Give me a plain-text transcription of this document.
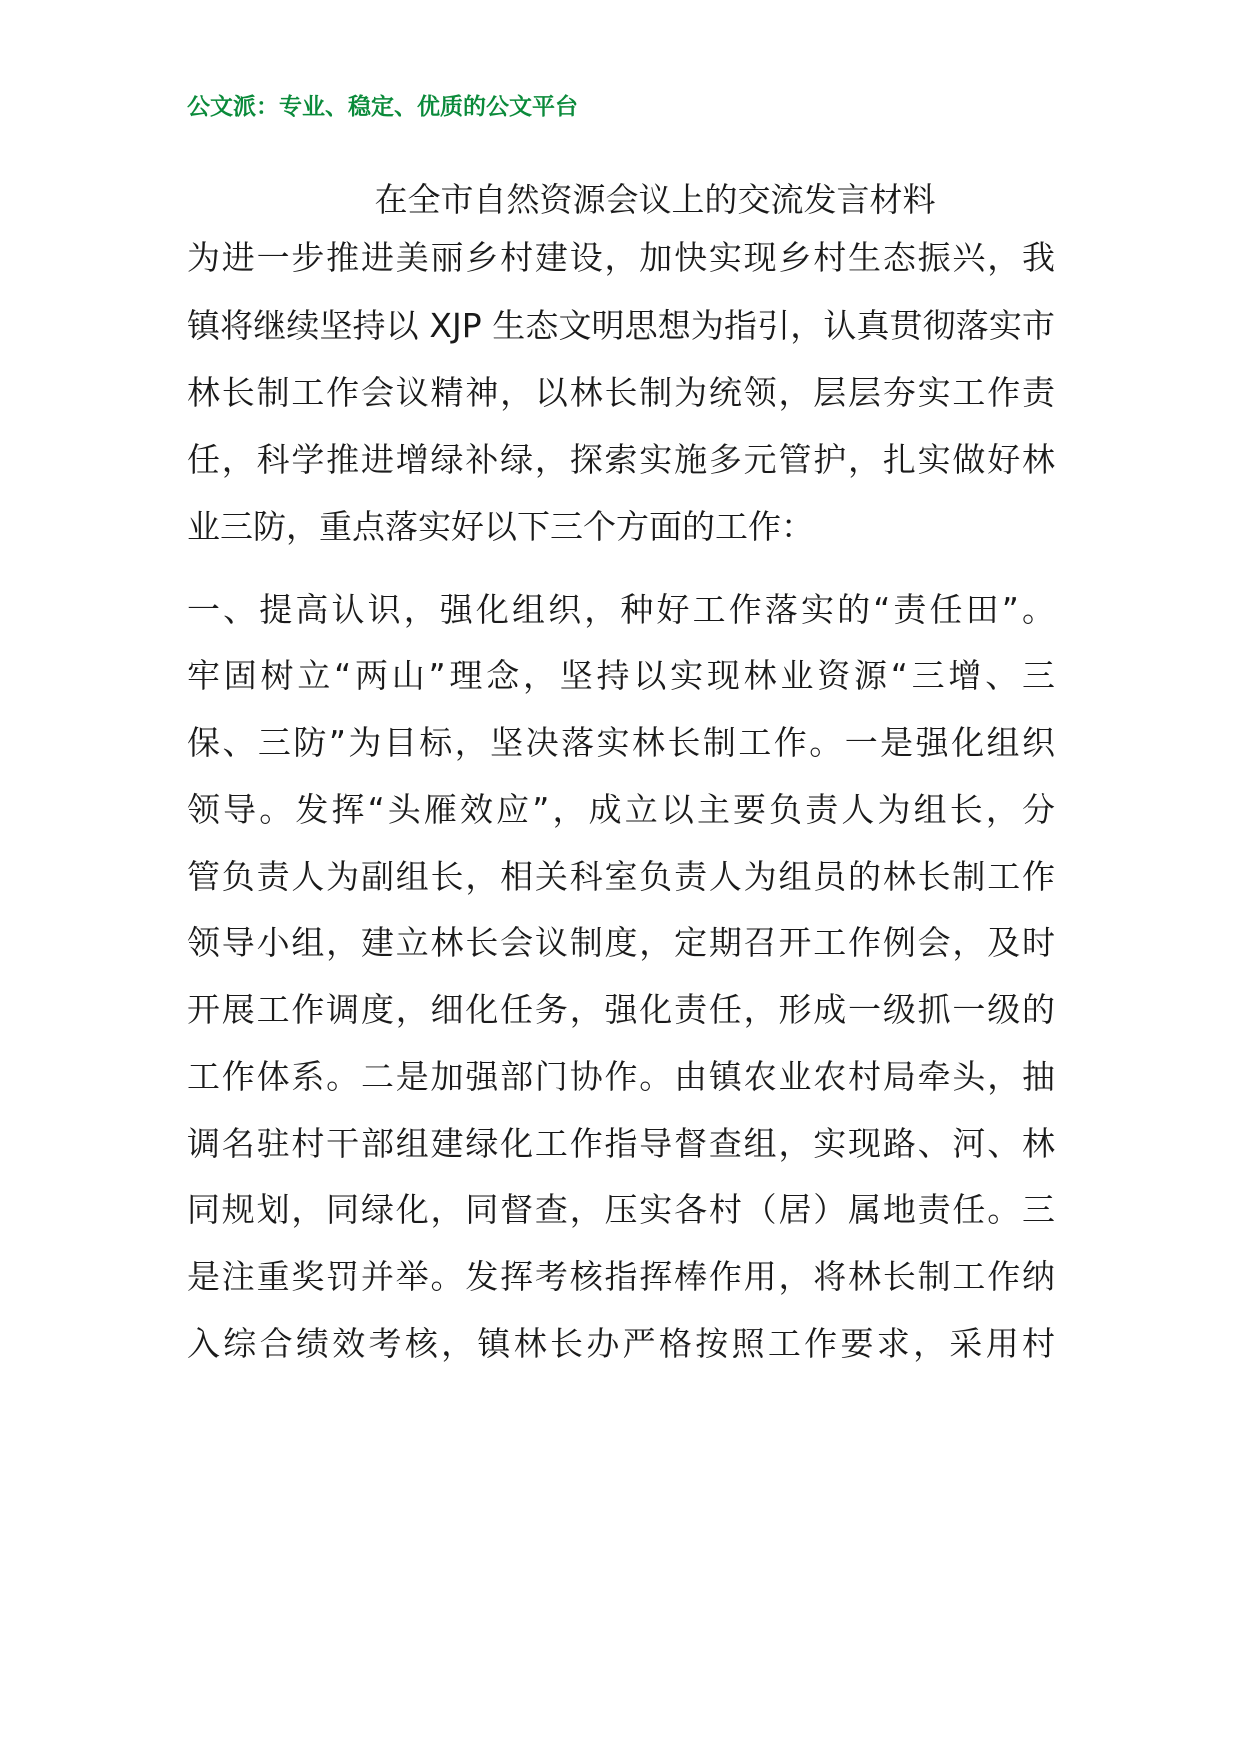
公文派：专业、稳定、优质的公文平台
在全市自然资源会议上的交流发言材料
为进一步推进美丽乡村建设，加快实现乡村生态振兴，我
镇将继续坚持以 XJP 生态文明思想为指引，认真贯彻落实市
林长制工作会议精神，以林长制为统领，层层夯实工作责
任，科学推进增绿补绿，探索实施多元管护，扎实做好林
业三防，重点落实好以下三个方面的工作：
一、提高认识，强化组织，种好工作落实的“责任田”。
牢固树立“两山”理念，坚持以实现林业资源“三增、三
保、三防”为目标，坚决落实林长制工作。一是强化组织
领导。发挥“头雁效应”，成立以主要负责人为组长，分
管负责人为副组长，相关科室负责人为组员的林长制工作
领导小组，建立林长会议制度，定期召开工作例会，及时
开展工作调度，细化任务，强化责任，形成一级抓一级的
工作体系。二是加强部门协作。由镇农业农村局牵头，抽
调名驻村干部组建绿化工作指导督查组，实现路、河、林
同规划，同绿化，同督查，压实各村（居）属地责任。三
是注重奖罚并举。发挥考核指挥棒作用，将林长制工作纳
入综合绩效考核，镇林长办严格按照工作要求，采用村
